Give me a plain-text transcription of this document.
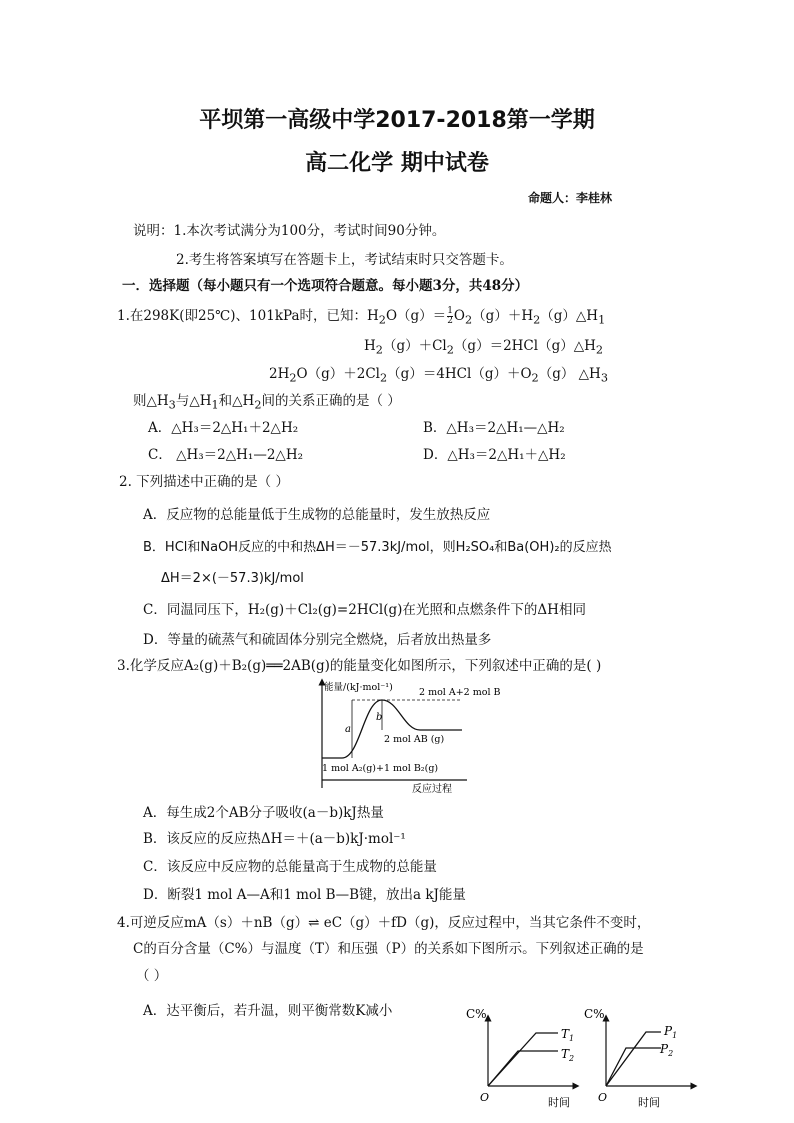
平坝第一高级中学2017-2018第一学期
高二化学 期中试卷
命题人：李桂林
说明：1.本次考试满分为100分，考试时间90分钟。
2.考生将答案填写在答题卡上，考试结束时只交答题卡。
一．选择题（每小题只有一个选项符合题意。每小题3分，共48分）
1.在298K(即25℃)、101kPa时，已知：$H_2O(g)= \frac{1}{2}$ $O_2(g)+H_2(g)\triangle H_1$
$H_2(g)+Cl_2(g)=2HCl(g)\triangle H_2$
$2H_2O(g)+2Cl_2(g)=4HCl(g)+O_2(g)$ $\triangle H_3$
则$\triangle H_3$与$\triangle H_1$和$\triangle H_2$间的关系正确的是（ ）
A．△H₃＝2△H₁＋2△H₂	B．△H₃＝2△H₁—△H₂
C． △H₃＝2△H₁—2△H₂	D．△H₃＝2△H₁＋△H₂
2. 下列描述中正确的是（ ）
A．反应物的总能量低于生成物的总能量时，发生放热反应
B．HCl和NaOH反应的中和热ΔH＝－57.3kJ/mol，则H₂SO₄和Ba(OH)₂的反应热
ΔH＝2×(－57.3)kJ/mol
C．同温同压下，H₂(g)＋Cl₂(g)=2HCl(g)在光照和点燃条件下的ΔH相同
D．等量的硫蒸气和硫固体分别完全燃烧，后者放出热量多
3.化学反应A₂(g)＋B₂(g)══2AB(g)的能量变化如图所示，下列叙述中正确的是( )
能量/(kJ·mol⁻¹)	2 mol A+2 mol B
2 mol AB (g)
1 mol A₂(g)+1 mol B₂(g)
反应过程
a
b
A．每生成2个AB分子吸收(a－b)kJ热量
B．该反应的反应热ΔH＝＋(a－b)kJ·mol⁻¹
C．该反应中反应物的总能量高于生成物的总能量
D．断裂1 mol A—A和1 mol B—B键，放出a kJ能量
4.可逆反应mA（s）＋nB（g）⇌ eC（g）＋fD（g)，反应过程中，当其它条件不变时，
C的百分含量（C%）与温度（T）和压强（P）的关系如下图所示。下列叙述正确的是
（ ）
A．达平衡后，若升温，则平衡常数K减小	C%
O	时间
$T_1$
$T_2$
C%
O	时间
$P_1$
$P_2$
